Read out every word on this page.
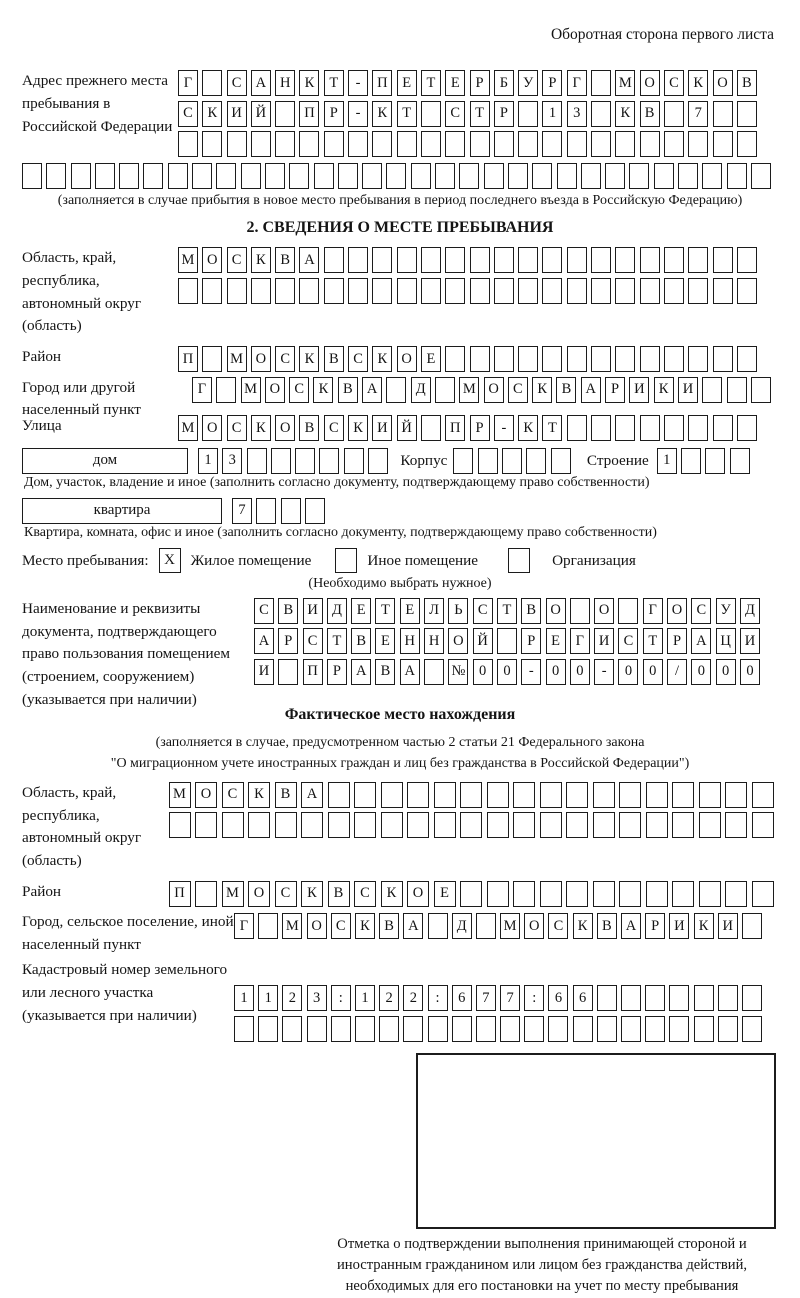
Оборотная сторона первого листа
Адрес прежнего места пребывания в Российской Федерации
Г	С А Н К	Т	-	П	Е	Т	Е	Р	Б	У	Р	Г	М О С	К О В
С	К И Й	П	Р	-	К	Т	С	Т	Р	1	3	К	В	7
(заполняется в случае прибытия в новое место пребывания в период последнего въезда в Российскую Федерацию)
2. СВЕДЕНИЯ О МЕСТЕ ПРЕБЫВАНИЯ
Область, край, республика, автономный округ (область)
М О С	К	В А
Район	П	М О С	К	В	С	К О	Е
Город или другой населенный пункт
Г	М О С	К	В А	Д	М О С	К	В А	Р	И К И
Улица	М О С	К О В	С	К И Й	П	Р	-	К	Т
дом	1	3	Корпус	Строение 1
Дом, участок, владение и иное (заполнить согласно документу, подтверждающему право собственности)
квартира	7
Квартира, комната, офис и иное (заполнить согласно документу, подтверждающему право собственности)
Место пребывания:	X	Жилое помещение	Иное помещение	Организация
(Необходимо выбрать нужное)
Наименование и реквизиты документа, подтверждающего право пользования помещением (строением, сооружением) (указывается при наличии)
С	В И Д	Е	Т	Е	Л	Ь	С	Т	В О	О	Г	О С У Д
А	Р	С	Т	В	Е	Н Н О Й	Р	Е	Г	И С	Т	Р	А Ц И
И	П	Р	А В А	№ 0	0	-	0	0	-	0	0	/	0	0	0
Фактическое место нахождения
(заполняется в случае, предусмотренном частью 2 статьи 21 Федерального закона
"О миграционном учете иностранных граждан и лиц без гражданства в Российской Федерации")
Область, край, республика, автономный округ (область)
М	О	С	К	В	А
Район	П	М	О	С	К	В	С	К	О	Е
Город, сельское поселение, иной населенный пункт
Г	М О С	К	В А	Д	М О С	К	В А	Р	И К И
Кадастровый номер земельного или лесного участка (указывается при наличии)
1	1	2	3	:	1	2	2	:	6	7	7	:	6	6
Отметка о подтверждении выполнения принимающей стороной и иностранным гражданином или лицом без гражданства действий, необходимых для его постановки на учет по месту пребывания
